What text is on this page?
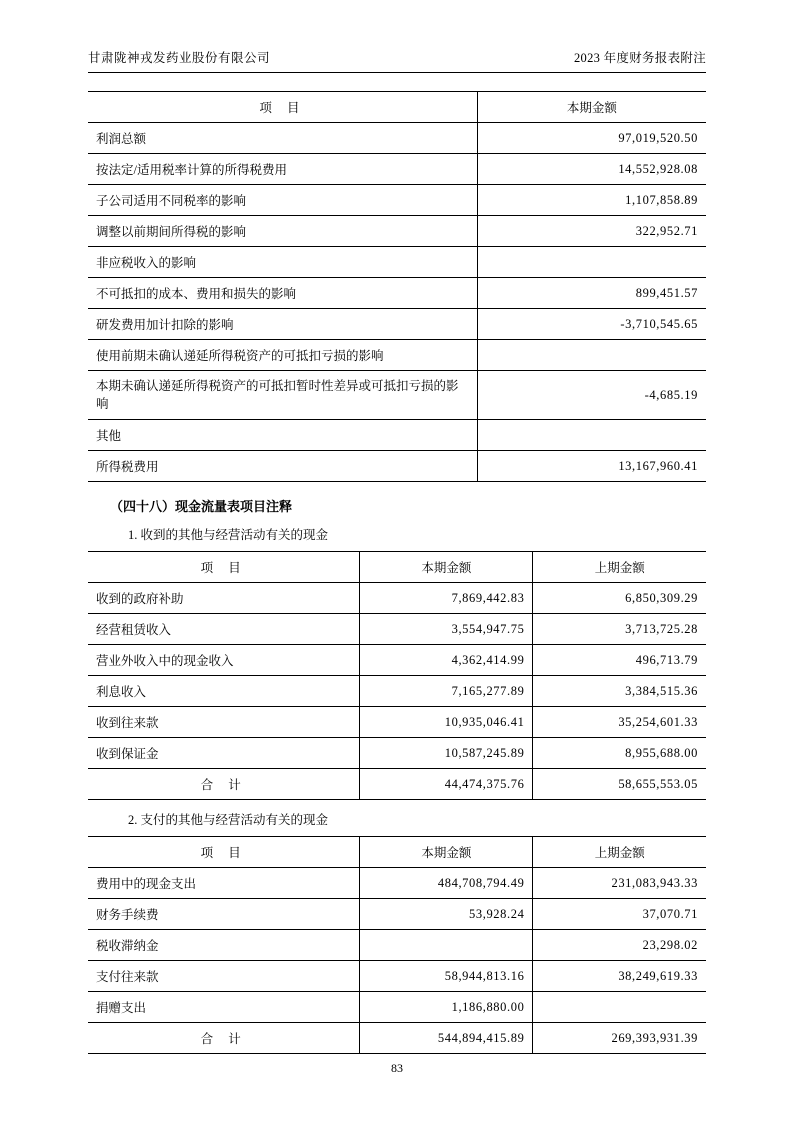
甘肃陇神戎发药业股份有限公司	2023 年度财务报表附注
项 目	本期金额
利润总额	97,019,520.50
按法定/适用税率计算的所得税费用	14,552,928.08
子公司适用不同税率的影响	1,107,858.89
调整以前期间所得税的影响	322,952.71
非应税收入的影响	
不可抵扣的成本、费用和损失的影响	899,451.57
研发费用加计扣除的影响	-3,710,545.65
使用前期未确认递延所得税资产的可抵扣亏损的影响	
本期未确认递延所得税资产的可抵扣暂时性差异或可抵扣亏损的影响	-4,685.19
其他	
所得税费用	13,167,960.41
（四十八）现金流量表项目注释
1. 收到的其他与经营活动有关的现金
项 目	本期金额	上期金额
收到的政府补助	7,869,442.83	6,850,309.29
经营租赁收入	3,554,947.75	3,713,725.28
营业外收入中的现金收入	4,362,414.99	496,713.79
利息收入	7,165,277.89	3,384,515.36
收到往来款	10,935,046.41	35,254,601.33
收到保证金	10,587,245.89	8,955,688.00
合 计	44,474,375.76	58,655,553.05
2. 支付的其他与经营活动有关的现金
项 目	本期金额	上期金额
费用中的现金支出	484,708,794.49	231,083,943.33
财务手续费	53,928.24	37,070.71
税收滞纳金		23,298.02
支付往来款	58,944,813.16	38,249,619.33
捐赠支出	1,186,880.00	
合 计	544,894,415.89	269,393,931.39
83
